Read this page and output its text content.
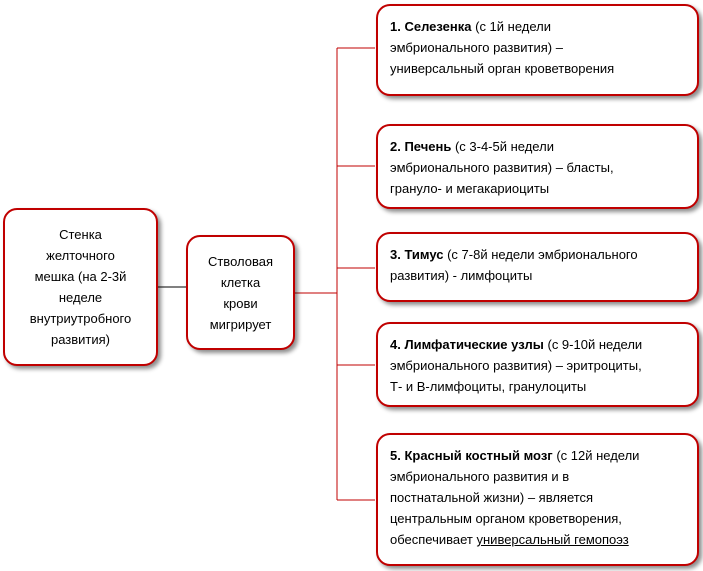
Стенка
желточного
мешка (на 2-3й
неделе
внутриутробного
развития)
Стволовая
клетка
крови
мигрирует
1. Селезенка (с 1й недели
эмбрионального развития) –
универсальный орган кроветворения
2. Печень (с 3-4-5й недели
эмбрионального развития) – бласты,
грануло- и мегакариоциты
3. Тимус (с 7-8й недели эмбрионального
развития) - лимфоциты
4. Лимфатические узлы (с 9-10й недели
эмбрионального развития) – эритроциты,
Т- и В-лимфоциты, гранулоциты
5. Красный костный мозг (с 12й недели
эмбрионального развития и в
постнатальной жизни) – является
центральным органом кроветворения,
обеспечивает универсальный гемопоэз
